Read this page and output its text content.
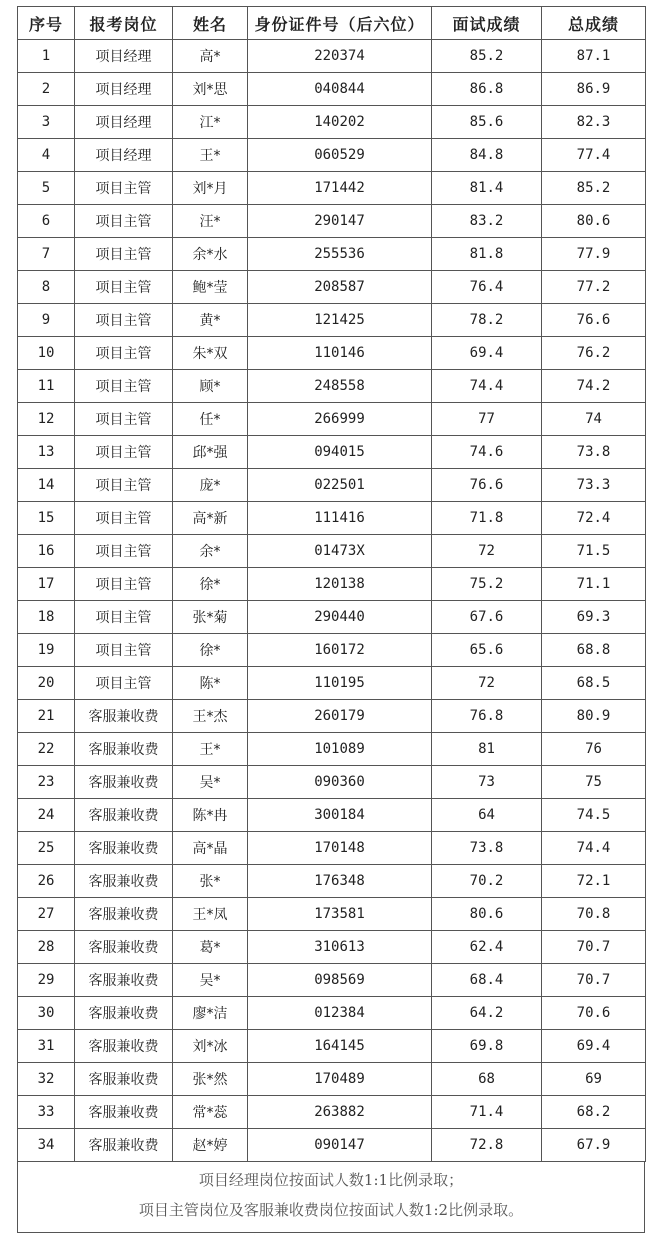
序号	报考岗位	姓名	身份证件号（后六位）	面试成绩	总成绩
1	项目经理	高*	220374	85.2	87.1
2	项目经理	刘*思	040844	86.8	86.9
3	项目经理	江*	140202	85.6	82.3
4	项目经理	王*	060529	84.8	77.4
5	项目主管	刘*月	171442	81.4	85.2
6	项目主管	汪*	290147	83.2	80.6
7	项目主管	余*水	255536	81.8	77.9
8	项目主管	鲍*莹	208587	76.4	77.2
9	项目主管	黄*	121425	78.2	76.6
10	项目主管	朱*双	110146	69.4	76.2
11	项目主管	顾*	248558	74.4	74.2
12	项目主管	任*	266999	77	74
13	项目主管	邱*强	094015	74.6	73.8
14	项目主管	庞*	022501	76.6	73.3
15	项目主管	高*新	111416	71.8	72.4
16	项目主管	余*	01473X	72	71.5
17	项目主管	徐*	120138	75.2	71.1
18	项目主管	张*菊	290440	67.6	69.3
19	项目主管	徐*	160172	65.6	68.8
20	项目主管	陈*	110195	72	68.5
21	客服兼收费	王*杰	260179	76.8	80.9
22	客服兼收费	王*	101089	81	76
23	客服兼收费	吴*	090360	73	75
24	客服兼收费	陈*冉	300184	64	74.5
25	客服兼收费	高*晶	170148	73.8	74.4
26	客服兼收费	张*	176348	70.2	72.1
27	客服兼收费	王*凤	173581	80.6	70.8
28	客服兼收费	葛*	310613	62.4	70.7
29	客服兼收费	吴*	098569	68.4	70.7
30	客服兼收费	廖*洁	012384	64.2	70.6
31	客服兼收费	刘*冰	164145	69.8	69.4
32	客服兼收费	张*然	170489	68	69
33	客服兼收费	常*蕊	263882	71.4	68.2
34	客服兼收费	赵*婷	090147	72.8	67.9
项目经理岗位按面试人数1:1比例录取；
项目主管岗位及客服兼收费岗位按面试人数1:2比例录取。
